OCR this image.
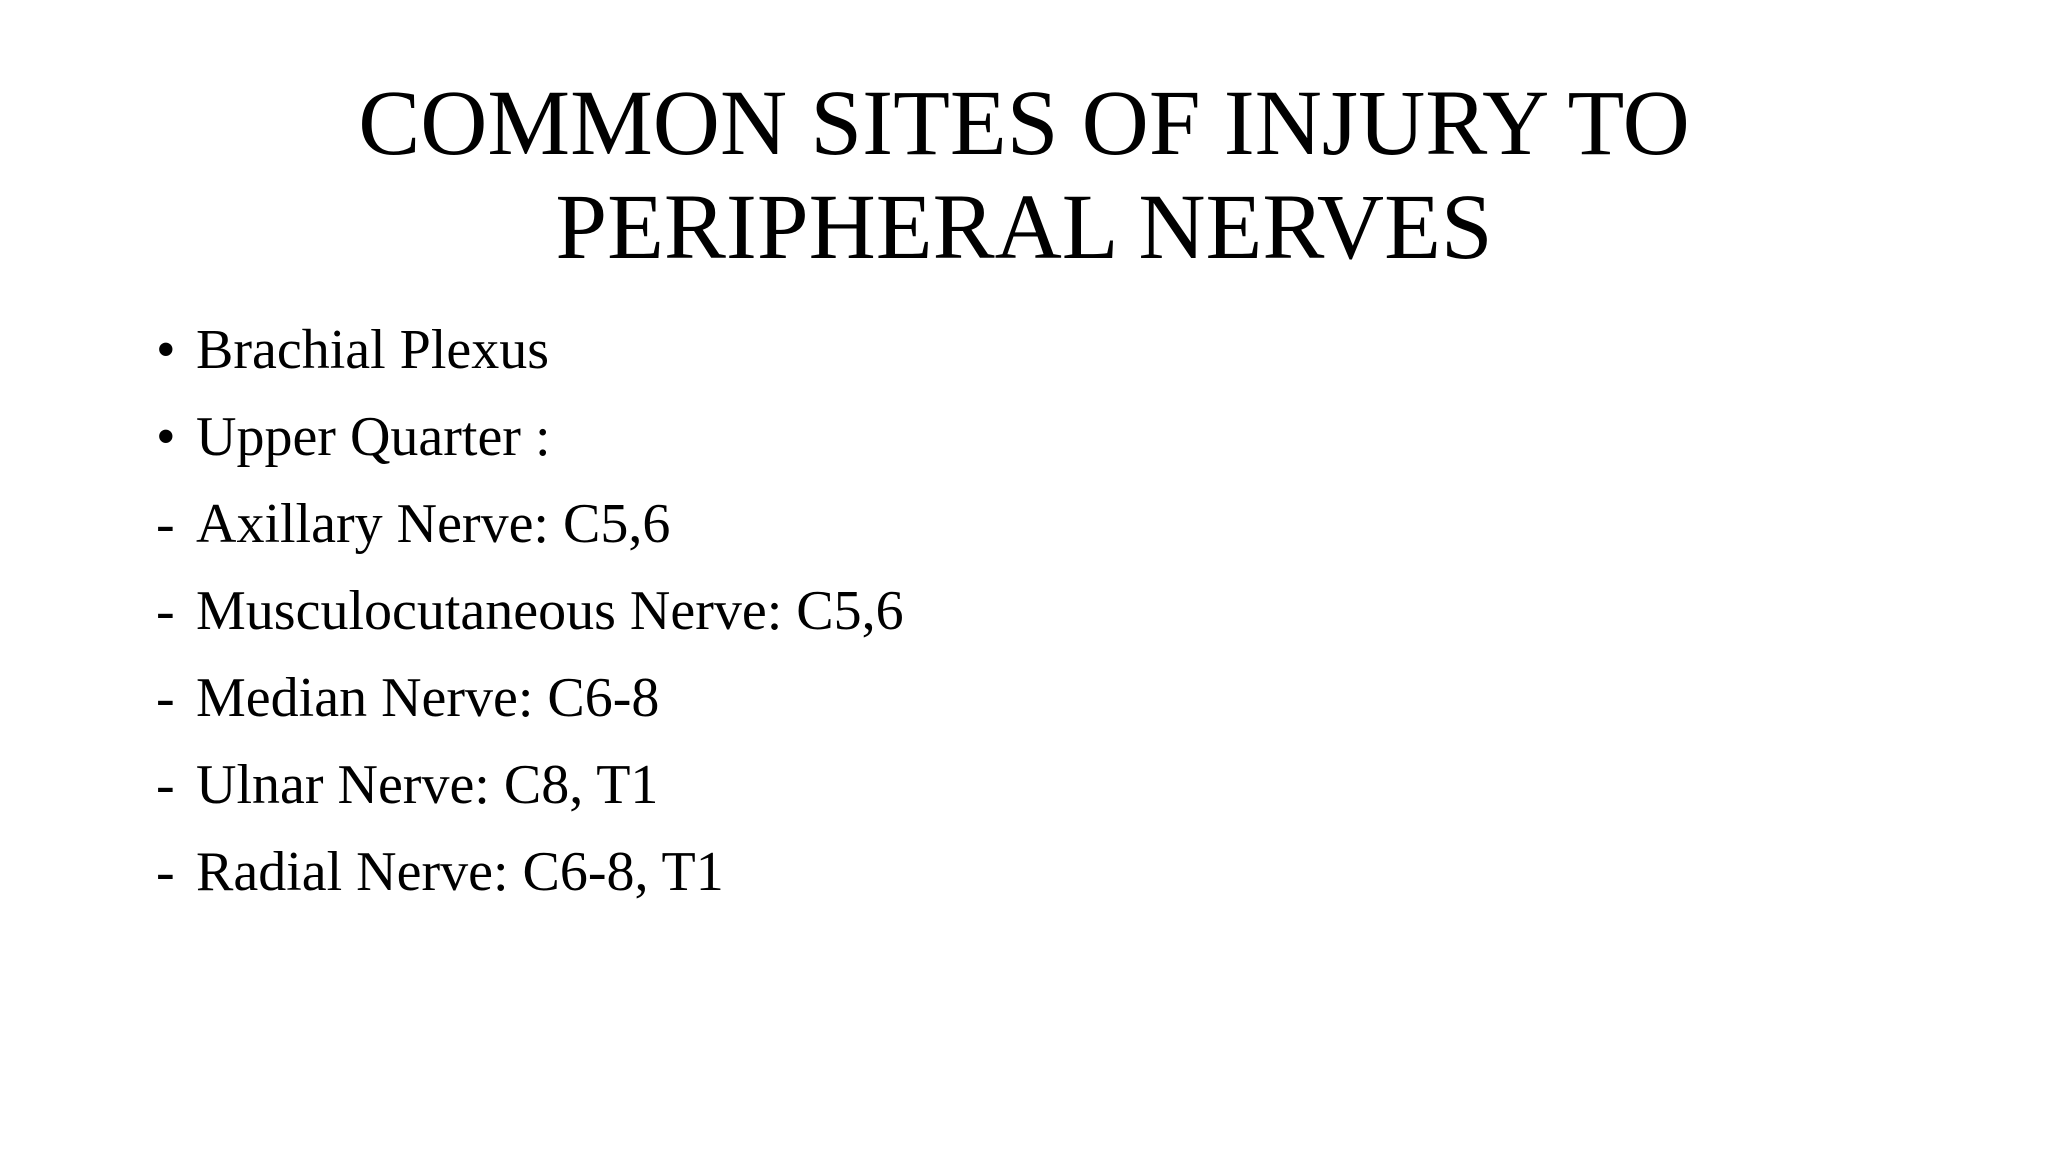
COMMON SITES OF INJURY TO
PERIPHERAL NERVES
• Brachial Plexus
• Upper Quarter :
- Axillary Nerve: C5,6
- Musculocutaneous Nerve: C5,6
- Median Nerve: C6-8
- Ulnar Nerve: C8, T1
- Radial Nerve: C6-8, T1
